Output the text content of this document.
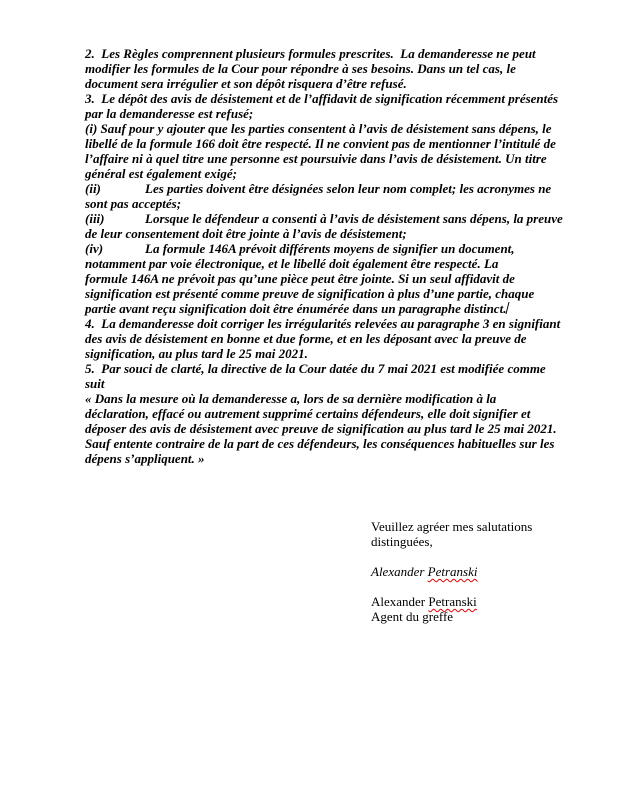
2.  Les Règles comprennent plusieurs formules prescrites.  La demanderesse ne peut
modifier les formules de la Cour pour répondre à ses besoins. Dans un tel cas, le
document sera irrégulier et son dépôt risquera d’être refusé.
3.  Le dépôt des avis de désistement et de l’affidavit de signification récemment présentés
par la demanderesse est refusé;
(i) Sauf pour y ajouter que les parties consentent à l’avis de désistement sans dépens, le
libellé de la formule 166 doit être respecté. Il ne convient pas de mentionner l’intitulé de
l’affaire ni à quel titre une personne est poursuivie dans l’avis de désistement. Un titre
général est également exigé;
(ii)	Les parties doivent être désignées selon leur nom complet; les acronymes ne
sont pas acceptés;
(iii)	Lorsque le défendeur a consenti à l’avis de désistement sans dépens, la preuve
de leur consentement doit être jointe à l’avis de désistement;
(iv)	La formule 146A prévoit différents moyens de signifier un document,
notamment par voie électronique, et le libellé doit également être respecté. La
formule 146A ne prévoit pas qu’une pièce peut être jointe. Si un seul affidavit de
signification est présenté comme preuve de signification à plus d’une partie, chaque
partie avant reçu signification doit être énumérée dans un paragraphe distinct.
4.  La demanderesse doit corriger les irrégularités relevées au paragraphe 3 en signifiant
des avis de désistement en bonne et due forme, et en les déposant avec la preuve de
signification, au plus tard le 25 mai 2021.
5.  Par souci de clarté, la directive de la Cour datée du 7 mai 2021 est modifiée comme
suit
« Dans la mesure où la demanderesse a, lors de sa dernière modification à la
déclaration, effacé ou autrement supprimé certains défendeurs, elle doit signifier et
déposer des avis de désistement avec preuve de signification au plus tard le 25 mai 2021.
Sauf entente contraire de la part de ces défendeurs, les conséquences habituelles sur les
dépens s’appliquent. »
Veuillez agréer mes salutations
distinguées,
Alexander Petranski
Alexander Petranski
Agent du greffe
